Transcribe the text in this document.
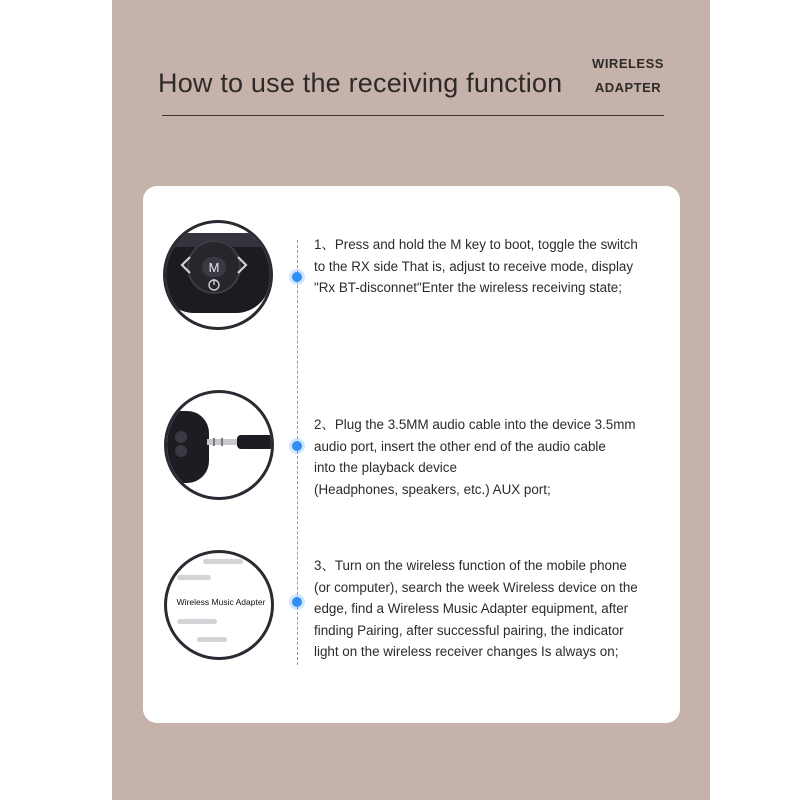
How to use the receiving function
WIRELESS
ADAPTER
M
Wireless Music Adapter
1、Press and hold the M key to boot, toggle the switch
to the RX side That is, adjust to receive mode, display
"Rx BT-disconnet"Enter the wireless receiving state;
2、Plug the 3.5MM audio cable into the device 3.5mm
audio port, insert the other end of the audio cable
into the playback device
(Headphones, speakers, etc.) AUX port;
3、Turn on the wireless function of the mobile phone
(or computer), search the week Wireless device on the
edge, find a Wireless Music Adapter equipment, after
finding Pairing, after successful pairing, the indicator
light on the wireless receiver changes Is always on;
